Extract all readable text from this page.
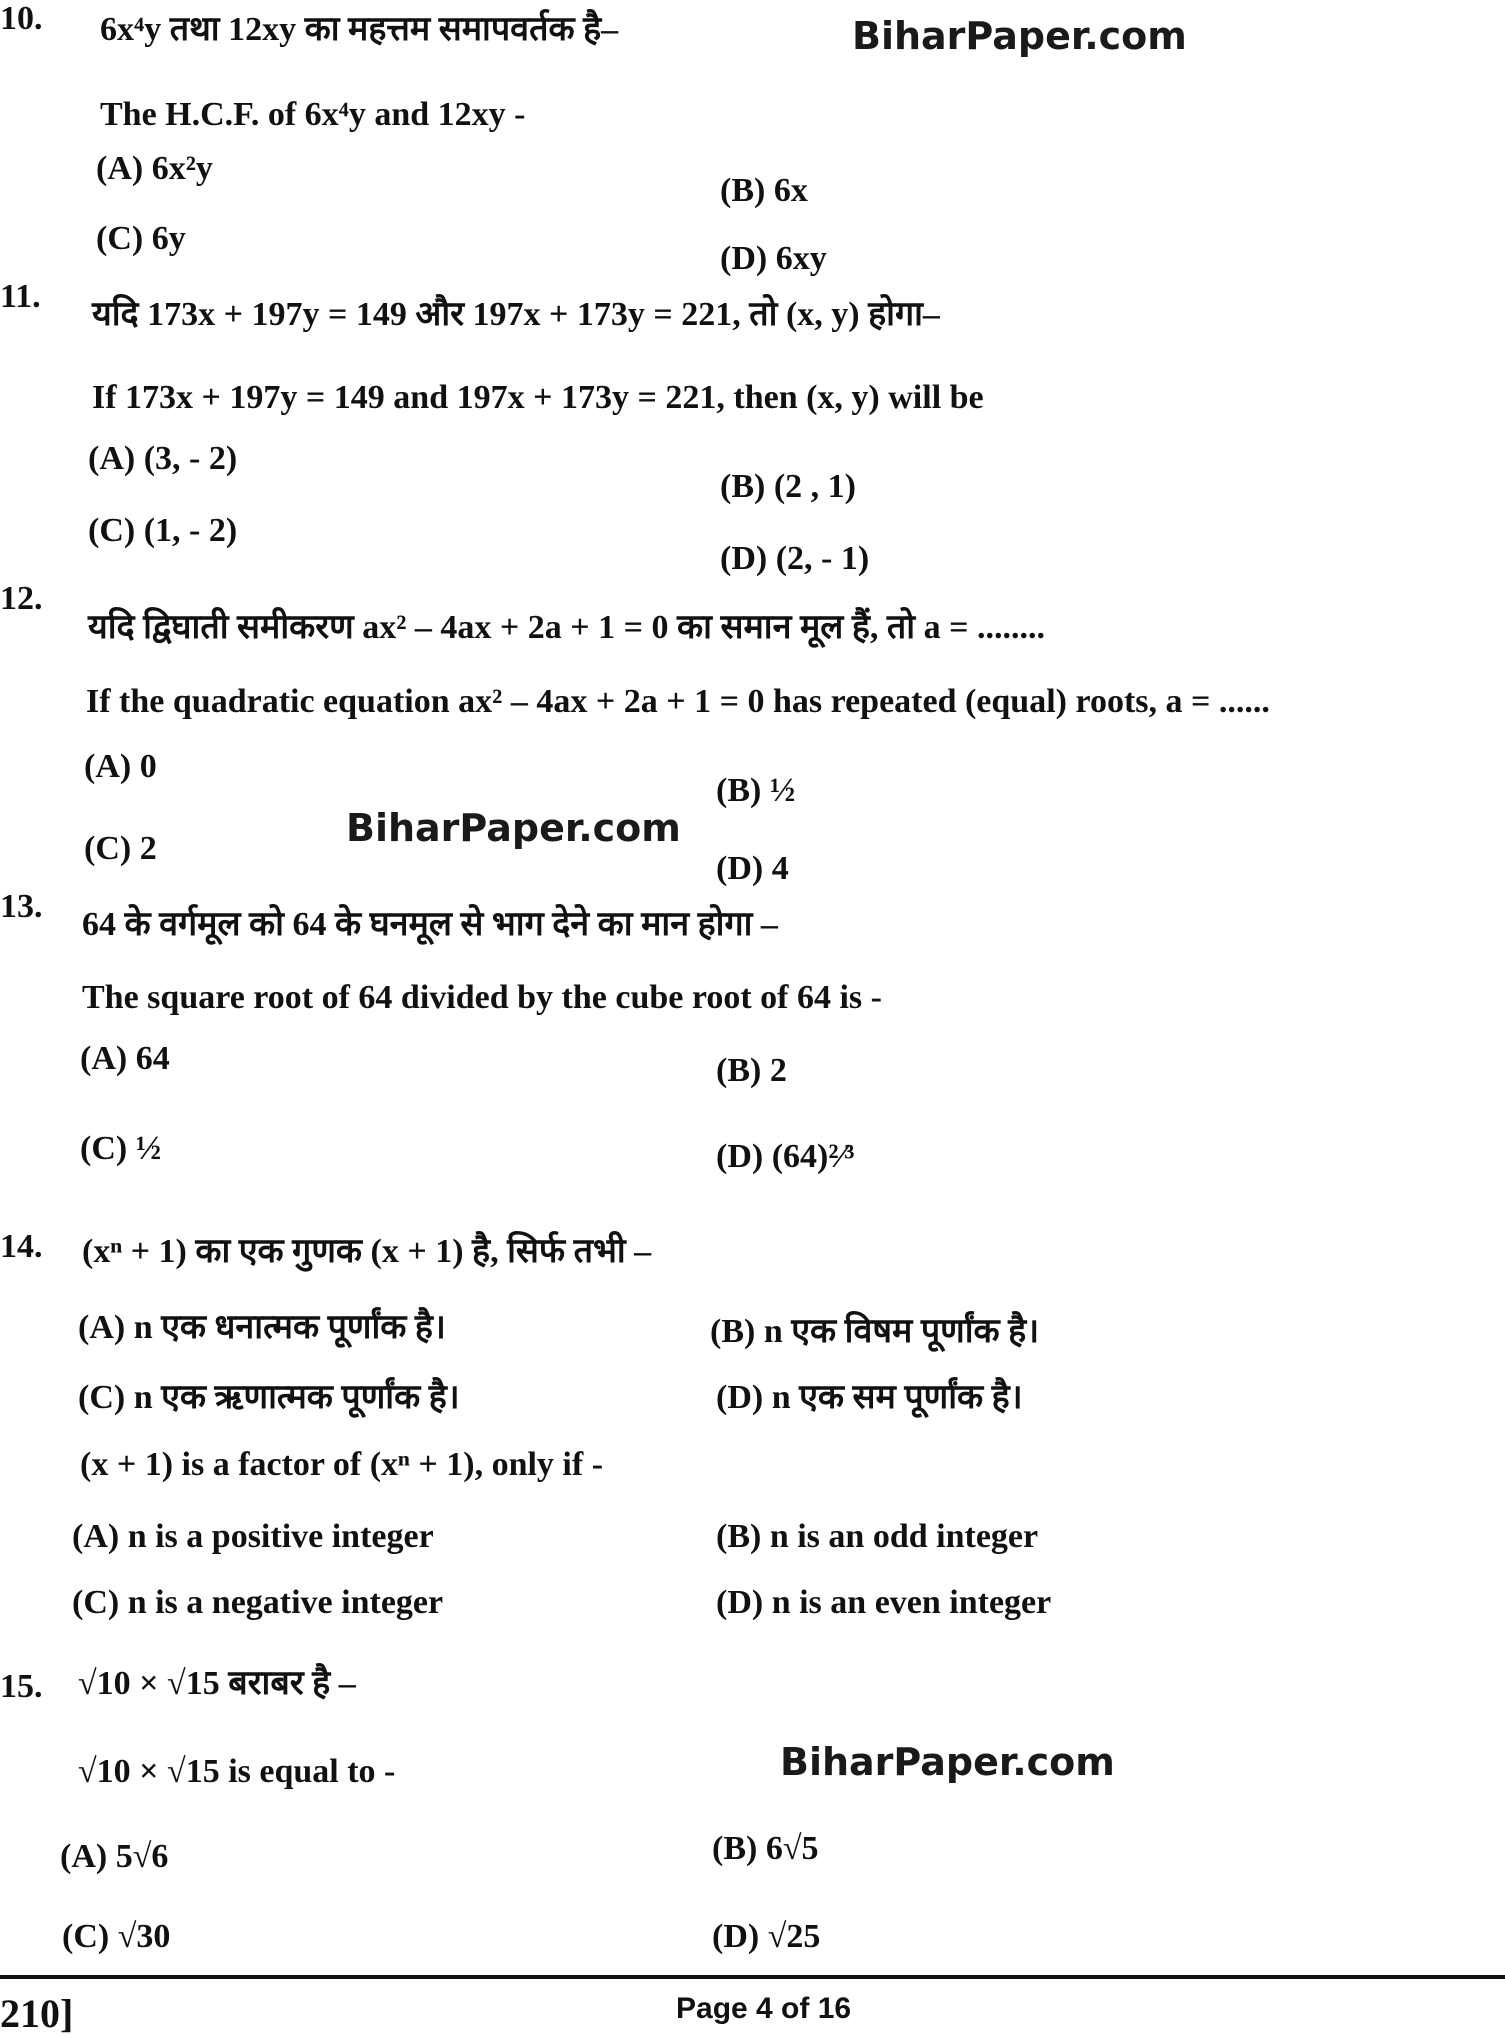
BiharPaper.com
BiharPaper.com
BiharPaper.com
10. 6x⁴y तथा 12xy का महत्तम समापवर्तक है–
The H.C.F. of 6x⁴y and 12xy -
(A) 6x²y
(B) 6x
(C) 6y
(D) 6xy
11. यदि 173x + 197y = 149 और 197x + 173y = 221, तो (x, y) होगा–
If 173x + 197y = 149 and 197x + 173y = 221, then (x, y) will be
(A) (3, - 2)
(B) (2 , 1)
(C) (1, - 2)
(D) (2, - 1)
12.
यदि द्विघाती समीकरण ax² – 4ax + 2a + 1 = 0 का समान मूल हैं, तो a = ........
If the quadratic equation ax² – 4ax + 2a + 1 = 0 has repeated (equal) roots, a = ......
(A) 0
(B) ½
(C) 2
(D) 4
13. 64 के वर्गमूल को 64 के घनमूल से भाग देने का मान होगा –
The square root of 64 divided by the cube root of 64 is -
(A) 64	(B) 2
(C) ½	(D) (64)²⁄³
14. (xⁿ + 1) का एक गुणक (x + 1) है, सिर्फ तभी –
(A) n एक धनात्मक पूर्णांक है।	(B) n एक विषम पूर्णांक है।
(C) n एक ऋणात्मक पूर्णांक है।	(D) n एक सम पूर्णांक है।
(x + 1) is a factor of (xⁿ + 1), only if -
(A) n is a positive integer	(B) n is an odd integer
(C) n is a negative integer	(D) n is an even integer
15. √10 × √15 बराबर है –
√10 × √15 is equal to -
(A) 5√6	(B) 6√5
(C) √30	(D) √25
210]	Page 4 of 16
